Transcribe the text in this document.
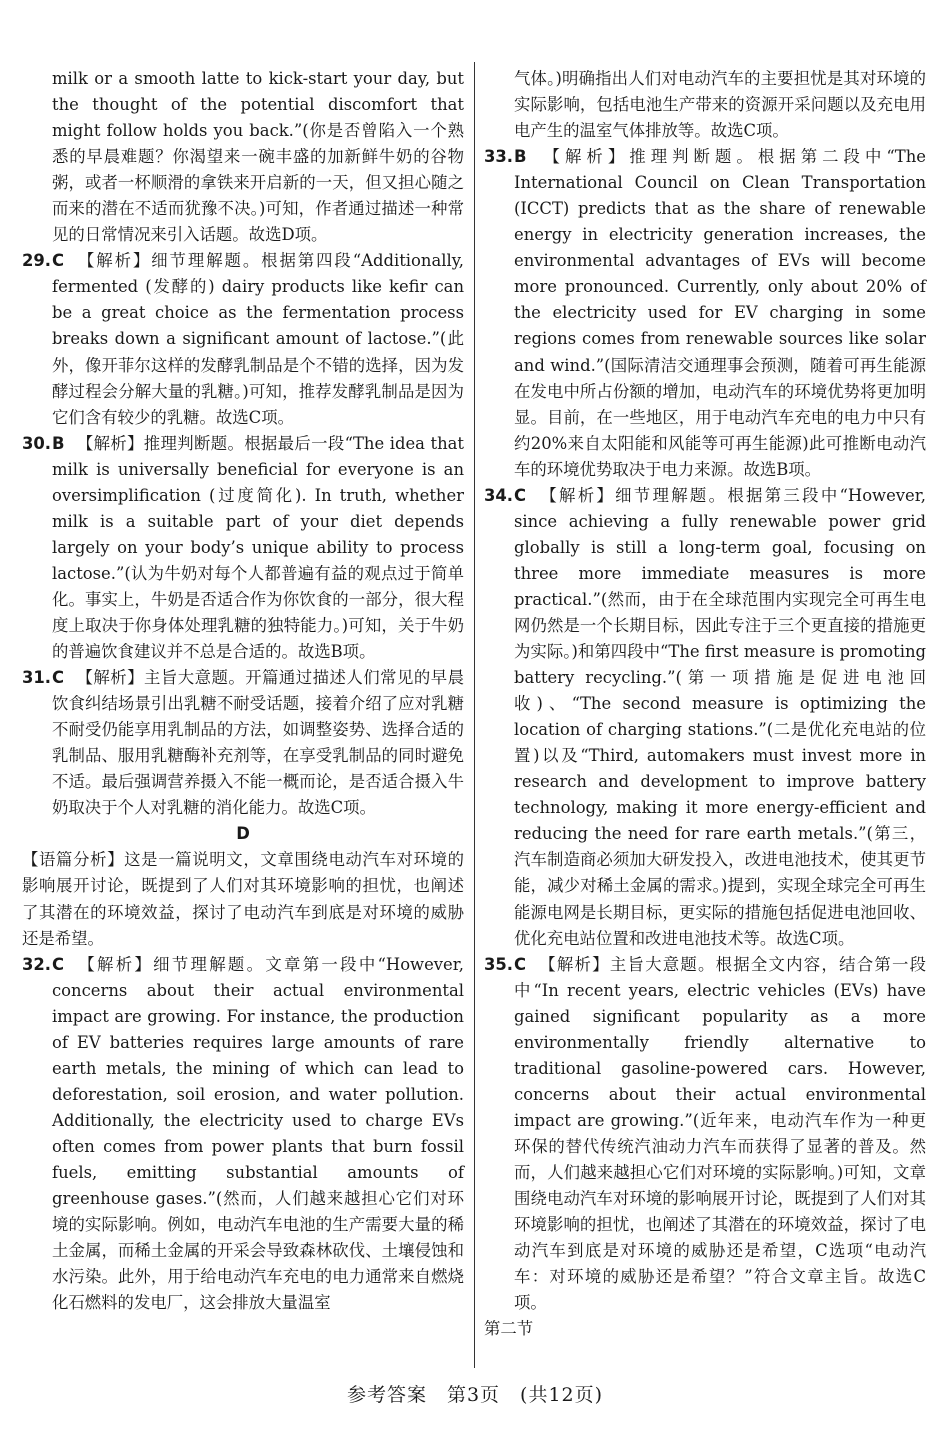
milk or a smooth latte to kick-start your day, but the thought of the potential discomfort that might follow holds you back.”(你是否曾陷入一个熟悉的早晨难题？你渴望来一碗丰盛的加新鲜牛奶的谷物粥，或者一杯顺滑的拿铁来开启新的一天，但又担心随之而来的潜在不适而犹豫不决。)可知，作者通过描述一种常见的日常情况来引入话题。故选D项。

29. C 【解析】细节理解题。根据第四段“Additionally, fermented (发酵的) dairy products like kefir can be a great choice as the fermentation process breaks down a significant amount of lactose.”(此外，像开菲尔这样的发酵乳制品是个不错的选择，因为发酵过程会分解大量的乳糖。)可知，推荐发酵乳制品是因为它们含有较少的乳糖。故选C项。
30. B 【解析】推理判断题。根据最后一段“The idea that milk is universally beneficial for everyone is an oversimplification (过度简化). In truth, whether milk is a suitable part of your diet depends largely on your body’s unique ability to process lactose.”(认为牛奶对每个人都普遍有益的观点过于简单化。事实上，牛奶是否适合作为你饮食的一部分，很大程度上取决于你身体处理乳糖的独特能力。)可知，关于牛奶的普遍饮食建议并不总是合适的。故选B项。
31. C 【解析】主旨大意题。开篇通过描述人们常见的早晨饮食纠结场景引出乳糖不耐受话题，接着介绍了应对乳糖不耐受仍能享用乳制品的方法，如调整姿势、选择合适的乳制品、服用乳糖酶补充剂等，在享受乳制品的同时避免不适。最后强调营养摄入不能一概而论，是否适合摄入牛奶取决于个人对乳糖的消化能力。故选C项。

D

【语篇分析】这是一篇说明文，文章围绕电动汽车对环境的影响展开讨论，既提到了人们对其环境影响的担忧，也阐述了其潜在的环境效益，探讨了电动汽车到底是对环境的威胁还是希望。

32. C 【解析】细节理解题。文章第一段中“However, concerns about their actual environmental impact are growing. For instance, the production of EV batteries requires large amounts of rare earth metals, the mining of which can lead to deforestation, soil erosion, and water pollution. Additionally, the electricity used to charge EVs often comes from power plants that burn fossil fuels, emitting substantial amounts of greenhouse gases.”(然而，人们越来越担心它们对环境的实际影响。例如，电动汽车电池的生产需要大量的稀土金属，而稀土金属的开采会导致森林砍伐、土壤侵蚀和水污染。此外，用于给电动汽车充电的电力通常来自燃烧化石燃料的发电厂，这会排放大量温室

气体。)明确指出人们对电动汽车的主要担忧是其对环境的实际影响，包括电池生产带来的资源开采问题以及充电用电产生的温室气体排放等。故选C项。

33. B 【解析】推理判断题。根据第二段中“The International Council on Clean Transportation (ICCT) predicts that as the share of renewable energy in electricity generation increases, the environmental advantages of EVs will become more pronounced. Currently, only about 20% of the electricity used for EV charging in some regions comes from renewable sources like solar and wind.”(国际清洁交通理事会预测，随着可再生能源在发电中所占份额的增加，电动汽车的环境优势将更加明显。目前，在一些地区，用于电动汽车充电的电力中只有约20%来自太阳能和风能等可再生能源)此可推断电动汽车的环境优势取决于电力来源。故选B项。
34. C 【解析】细节理解题。根据第三段中“However, since achieving a fully renewable power grid globally is still a long-term goal, focusing on three more immediate measures is more practical.”(然而，由于在全球范围内实现完全可再生电网仍然是一个长期目标，因此专注于三个更直接的措施更为实际。)和第四段中“The first measure is promoting battery recycling.”(第一项措施是促进电池回收)、“The second measure is optimizing the location of charging stations.”(二是优化充电站的位置)以及“Third, automakers must invest more in research and development to improve battery technology, making it more energy-efficient and reducing the need for rare earth metals.”(第三，汽车制造商必须加大研发投入，改进电池技术，使其更节能，减少对稀土金属的需求。)提到，实现全球完全可再生能源电网是长期目标，更实际的措施包括促进电池回收、优化充电站位置和改进电池技术等。故选C项。
35. C 【解析】主旨大意题。根据全文内容，结合第一段中“In recent years, electric vehicles (EVs) have gained significant popularity as a more environmentally friendly alternative to traditional gasoline-powered cars. However, concerns about their actual environmental impact are growing.”(近年来，电动汽车作为一种更环保的替代传统汽油动力汽车而获得了显著的普及。然而，人们越来越担心它们对环境的实际影响。)可知，文章围绕电动汽车对环境的影响展开讨论，既提到了人们对其环境影响的担忧，也阐述了其潜在的环境效益，探讨了电动汽车到底是对环境的威胁还是希望，C选项“电动汽车：对环境的威胁还是希望？”符合文章主旨。故选C项。

第二节

参考答案　第3页　(共12页)
